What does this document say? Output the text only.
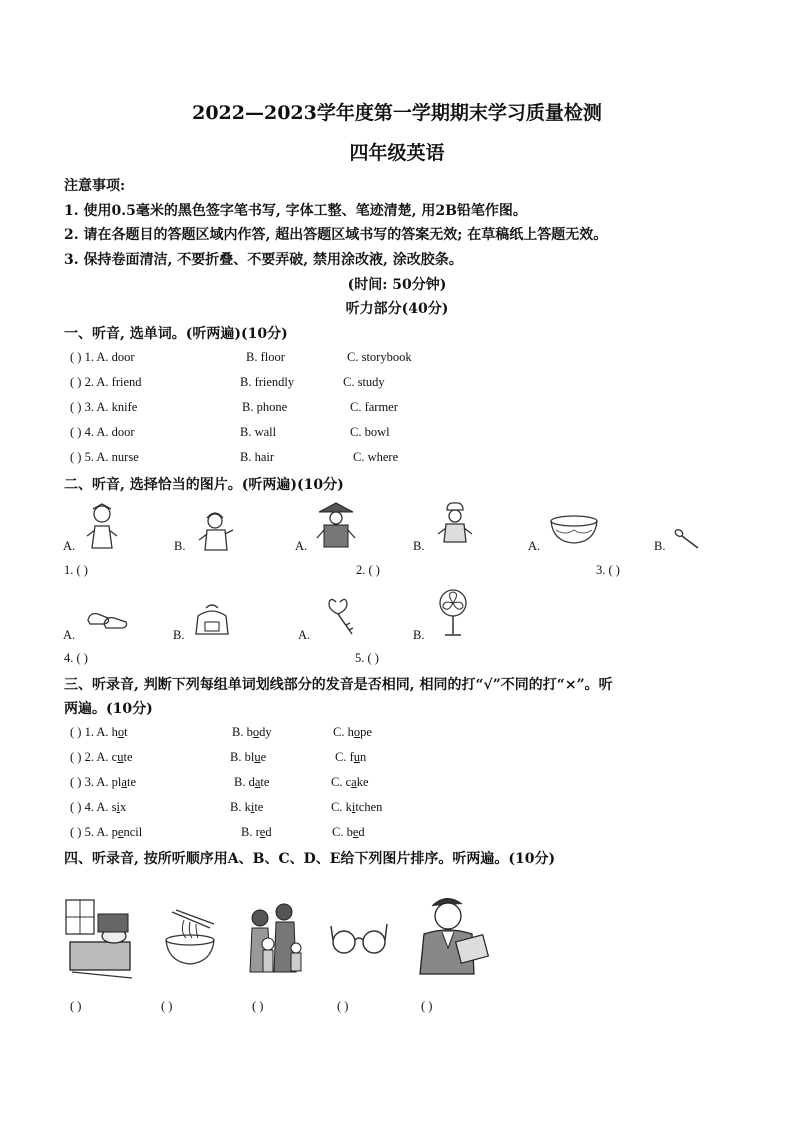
2022—2023学年度第一学期期末学习质量检测
四年级英语
注意事项:
1. 使用0.5毫米的黑色签字笔书写, 字体工整、笔迹清楚, 用2B铅笔作图。
2. 请在各题目的答题区域内作答, 超出答题区域书写的答案无效; 在草稿纸上答题无效。
3. 保持卷面清洁, 不要折叠、不要弄破, 禁用涂改液, 涂改胶条。
(时间: 50分钟)
听力部分(40分)
一、听音, 选单词。(听两遍)(10分)
( ) 1. A. door	B. floor	C. storybook
( ) 2. A. friend	B. friendly	C. study
( ) 3. A. knife	B. phone	C. farmer
( ) 4. A. door	B. wall	C. bowl
( ) 5. A. nurse	B. hair	C. where
二、听音, 选择恰当的图片。(听两遍)(10分)
A.	B.	A.	B.	A.	B.
1. ( )	2. ( )	3. ( )
A.	B.	A.	B.
4. ( )	5. ( )
三、听录音, 判断下列每组单词划线部分的发音是否相同, 相同的打“√”不同的打“×”。听
两遍。(10分)
( ) 1. A. hot	B. body	C. hope
( ) 2. A. cute	B. blue	C. fun
( ) 3. A. plate	B. date	C. cake
( ) 4. A. six	B. kite	C. kitchen
( ) 5. A. pencil	B. red	C. bed
四、听录音, 按所听顺序用A、B、C、D、E给下列图片排序。听两遍。(10分)
( )	( )	( )	( )	( )
